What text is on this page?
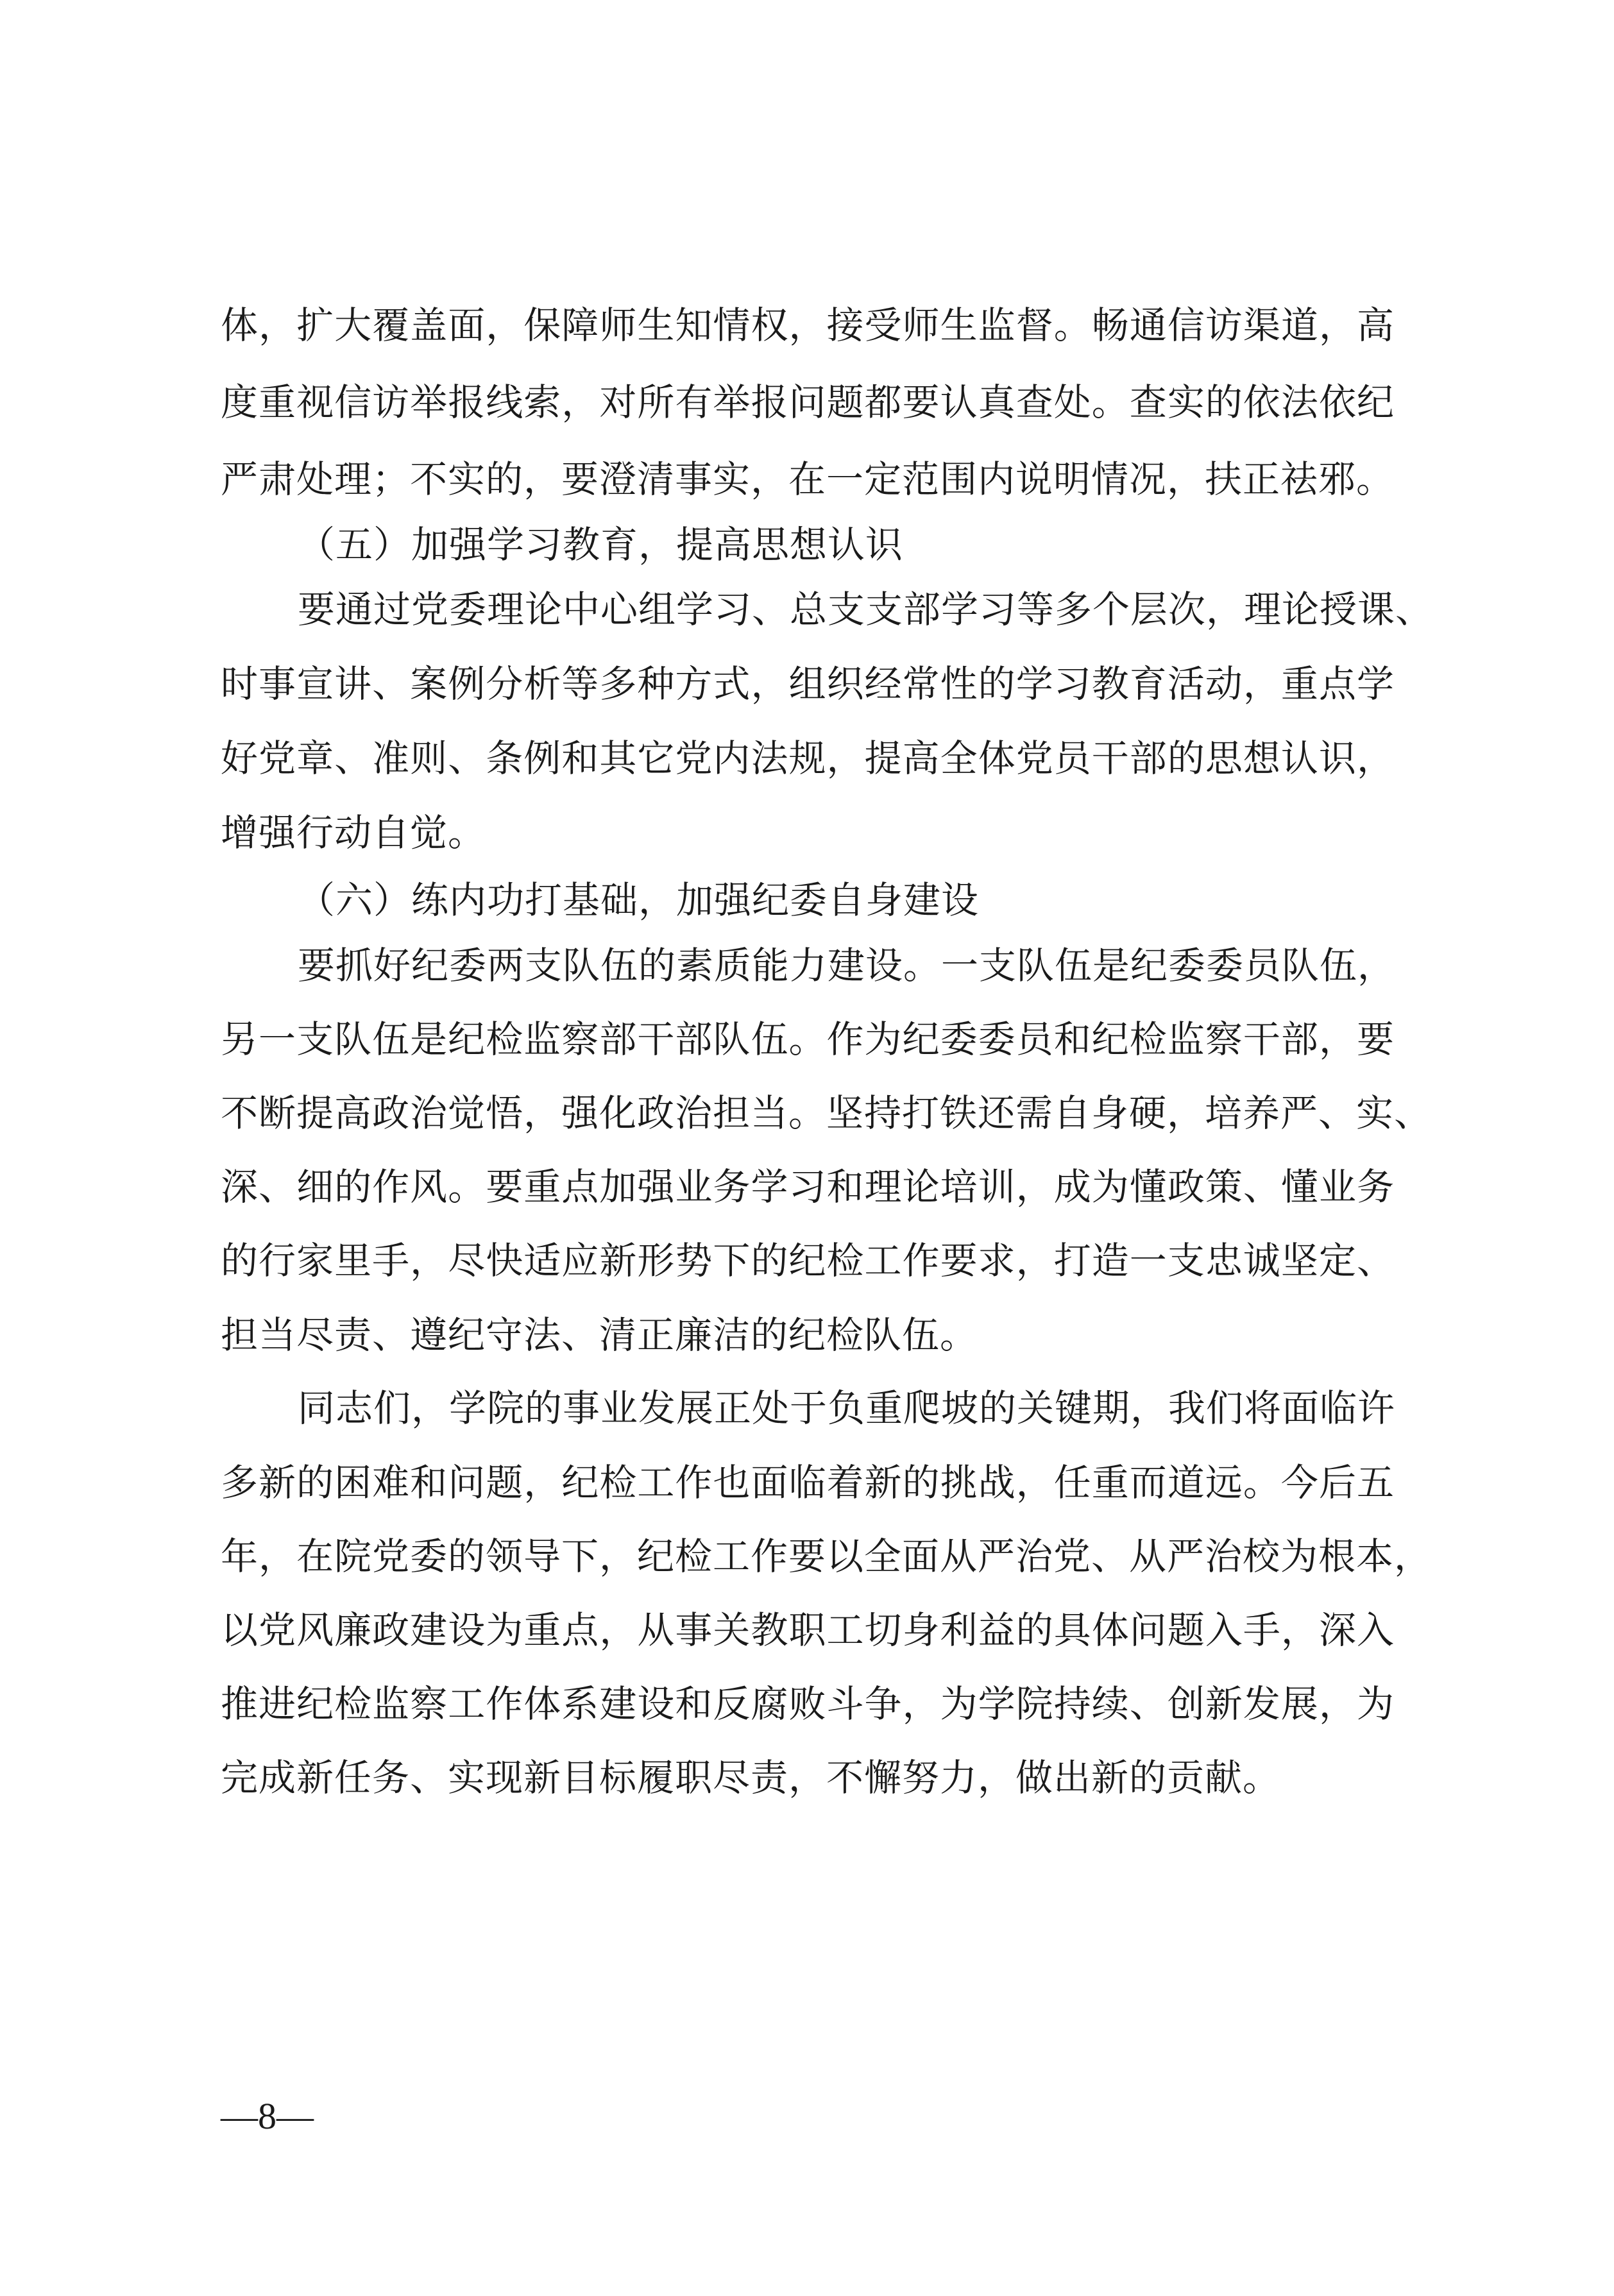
体，扩大覆盖面，保障师生知情权，接受师生监督。畅通信访渠道，高
度重视信访举报线索，对所有举报问题都要认真查处。查实的依法依纪
严肃处理；不实的，要澄清事实，在一定范围内说明情况，扶正祛邪。
（五）加强学习教育，提高思想认识
要通过党委理论中心组学习、总支支部学习等多个层次，理论授课、
时事宣讲、案例分析等多种方式，组织经常性的学习教育活动，重点学
好党章、准则、条例和其它党内法规，提高全体党员干部的思想认识，
增强行动自觉。
（六）练内功打基础，加强纪委自身建设
要抓好纪委两支队伍的素质能力建设。一支队伍是纪委委员队伍，
另一支队伍是纪检监察部干部队伍。作为纪委委员和纪检监察干部，要
不断提高政治觉悟，强化政治担当。坚持打铁还需自身硬，培养严、实、
深、细的作风。要重点加强业务学习和理论培训，成为懂政策、懂业务
的行家里手，尽快适应新形势下的纪检工作要求，打造一支忠诚坚定、
担当尽责、遵纪守法、清正廉洁的纪检队伍。
同志们，学院的事业发展正处于负重爬坡的关键期，我们将面临许
多新的困难和问题，纪检工作也面临着新的挑战，任重而道远。今后五
年，在院党委的领导下，纪检工作要以全面从严治党、从严治校为根本，
以党风廉政建设为重点，从事关教职工切身利益的具体问题入手，深入
推进纪检监察工作体系建设和反腐败斗争，为学院持续、创新发展，为
完成新任务、实现新目标履职尽责，不懈努力，做出新的贡献。
—8—
